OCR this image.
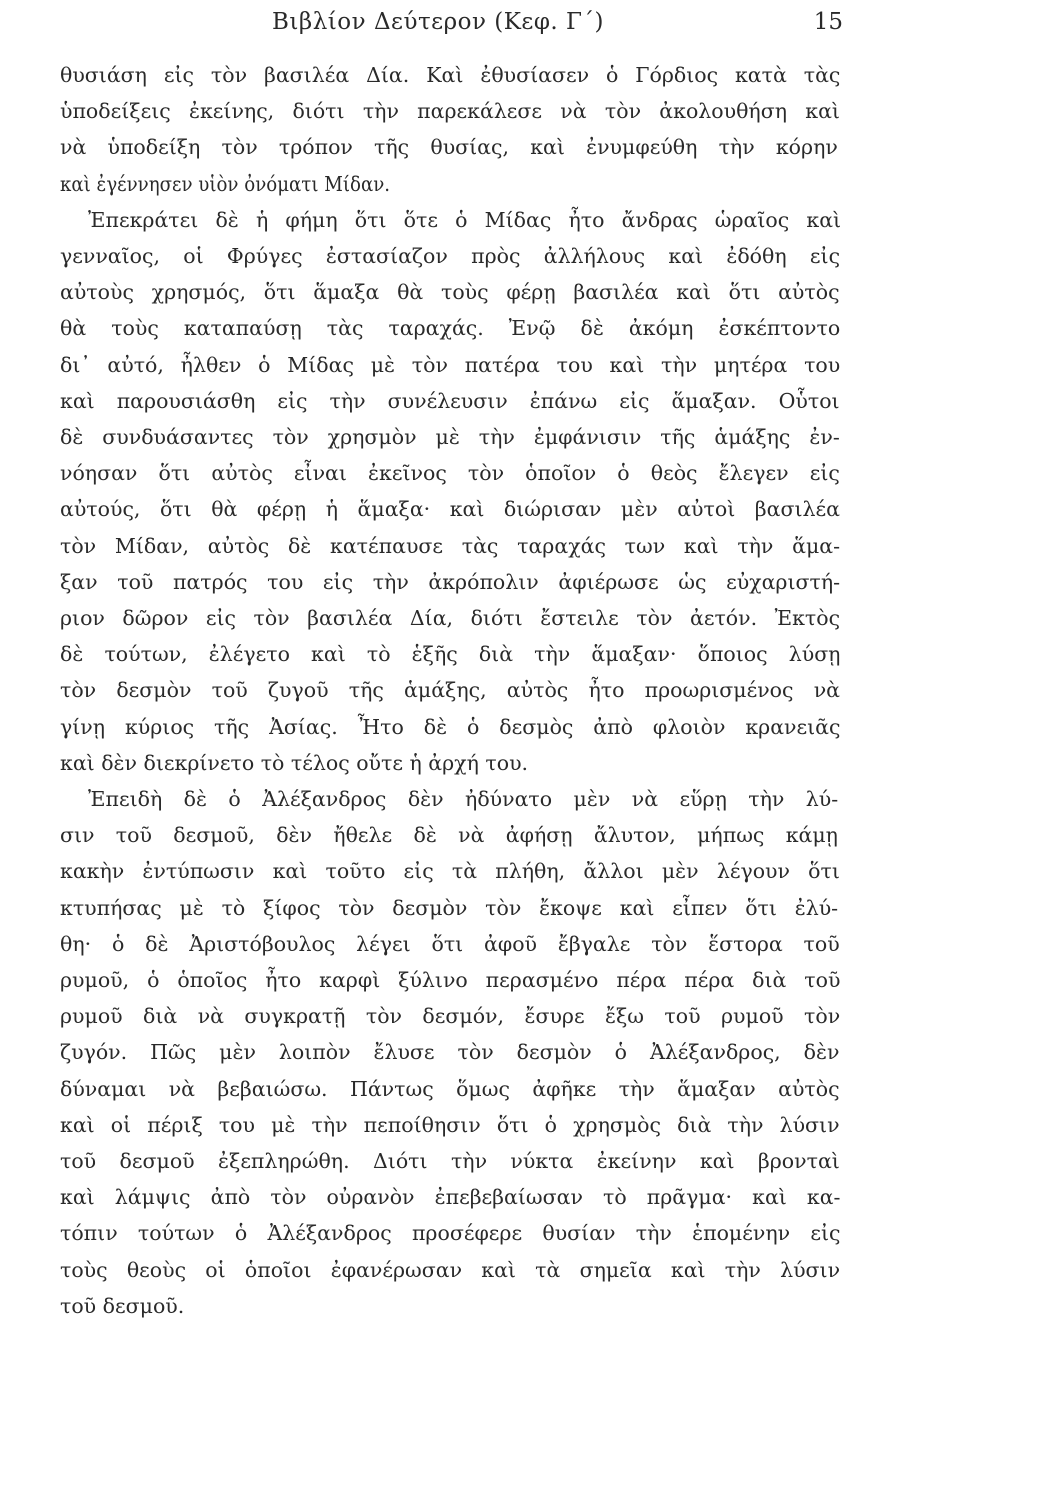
Βιβλίον Δεύτερον (Κεφ. Γ΄)	15
θυσιάση εἰς τὸν βασιλέα Δία. Καὶ ἐθυσίασεν ὁ Γόρδιος κατὰ τὰς
ὑποδείξεις ἐκείνης, διότι τὴν παρεκάλεσε νὰ τὸν ἀκολουθήση καὶ
νὰ ὑποδείξη τὸν τρόπον τῆς θυσίας, καὶ ἐνυμφεύθη τὴν κόρην
καὶ ἐγέννησεν υἱὸν ὀνόματι Μίδαν.
Ἐπεκράτει δὲ ἡ φήμη ὅτι ὅτε ὁ Μίδας ἦτο ἄνδρας ὡραῖος καὶ
γενναῖος, οἱ Φρύγες ἐστασίαζον πρὸς ἀλλήλους καὶ ἐδόθη εἰς
αὐτοὺς χρησμός, ὅτι ἅμαξα θὰ τοὺς φέρῃ βασιλέα καὶ ὅτι αὐτὸς
θὰ τοὺς καταπαύσῃ τὰς ταραχάς. Ἐνῷ δὲ ἀκόμη ἐσκέπτοντο
δι᾽ αὐτό, ἦλθεν ὁ Μίδας μὲ τὸν πατέρα του καὶ τὴν μητέρα του
καὶ παρουσιάσθη εἰς τὴν συνέλευσιν ἐπάνω εἰς ἅμαξαν. Οὗτοι
δὲ συνδυάσαντες τὸν χρησμὸν μὲ τὴν ἐμφάνισιν τῆς ἁμάξης ἐν-
νόησαν ὅτι αὐτὸς εἶναι ἐκεῖνος τὸν ὁποῖον ὁ θεὸς ἔλεγεν εἰς
αὐτούς, ὅτι θὰ φέρῃ ἡ ἅμαξα· καὶ διώρισαν μὲν αὐτοὶ βασιλέα
τὸν Μίδαν, αὐτὸς δὲ κατέπαυσε τὰς ταραχάς των καὶ τὴν ἅμα-
ξαν τοῦ πατρός του εἰς τὴν ἀκρόπολιν ἀφιέρωσε ὡς εὐχαριστή-
ριον δῶρον εἰς τὸν βασιλέα Δία, διότι ἔστειλε τὸν ἀετόν. Ἐκτὸς
δὲ τούτων, ἐλέγετο καὶ τὸ ἑξῆς διὰ τὴν ἅμαξαν· ὅποιος λύσῃ
τὸν δεσμὸν τοῦ ζυγοῦ τῆς ἁμάξης, αὐτὸς ἦτο προωρισμένος νὰ
γίνῃ κύριος τῆς Ἀσίας. Ἦτο δὲ ὁ δεσμὸς ἀπὸ φλοιὸν κρανειᾶς
καὶ δὲν διεκρίνετο τὸ τέλος οὔτε ἡ ἀρχή του.
Ἐπειδὴ δὲ ὁ Ἀλέξανδρος δὲν ἠδύνατο μὲν νὰ εὕρῃ τὴν λύ-
σιν τοῦ δεσμοῦ, δὲν ἤθελε δὲ νὰ ἀφήσῃ ἄλυτον, μήπως κάμῃ
κακὴν ἐντύπωσιν καὶ τοῦτο εἰς τὰ πλήθη, ἄλλοι μὲν λέγουν ὅτι
κτυπήσας μὲ τὸ ξίφος τὸν δεσμὸν τὸν ἔκοψε καὶ εἶπεν ὅτι ἐλύ-
θη· ὁ δὲ Ἀριστόβουλος λέγει ὅτι ἀφοῦ ἔβγαλε τὸν ἕστορα τοῦ
ρυμοῦ, ὁ ὁποῖος ἦτο καρφὶ ξύλινο περασμένο πέρα πέρα διὰ τοῦ
ρυμοῦ διὰ νὰ συγκρατῇ τὸν δεσμόν, ἔσυρε ἔξω τοῦ ρυμοῦ τὸν
ζυγόν. Πῶς μὲν λοιπὸν ἔλυσε τὸν δεσμὸν ὁ Ἀλέξανδρος, δὲν
δύναμαι νὰ βεβαιώσω. Πάντως ὅμως ἀφῆκε τὴν ἅμαξαν αὐτὸς
καὶ οἱ πέριξ του μὲ τὴν πεποίθησιν ὅτι ὁ χρησμὸς διὰ τὴν λύσιν
τοῦ δεσμοῦ ἐξεπληρώθη. Διότι τὴν νύκτα ἐκείνην καὶ βρονταὶ
καὶ λάμψις ἀπὸ τὸν οὐρανὸν ἐπεβεβαίωσαν τὸ πρᾶγμα· καὶ κα-
τόπιν τούτων ὁ Ἀλέξανδρος προσέφερε θυσίαν τὴν ἑπομένην εἰς
τοὺς θεοὺς οἱ ὁποῖοι ἐφανέρωσαν καὶ τὰ σημεῖα καὶ τὴν λύσιν
τοῦ δεσμοῦ.
